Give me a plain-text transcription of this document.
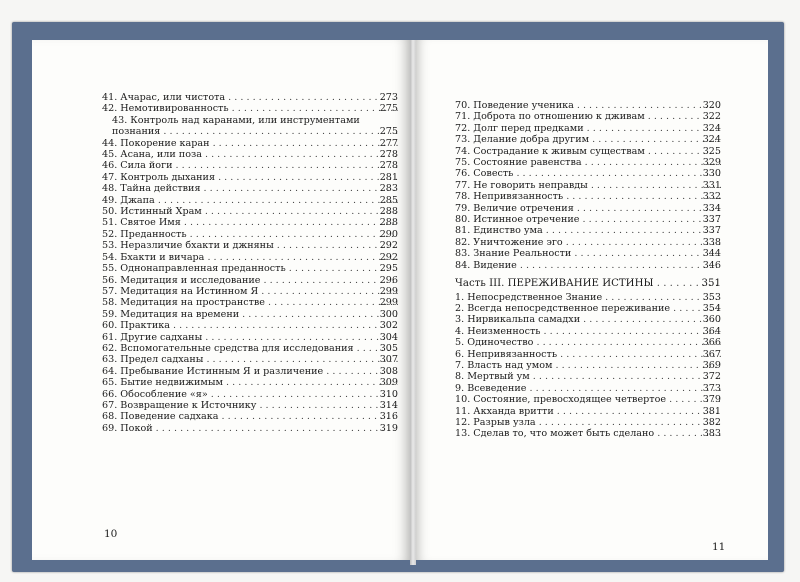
41. Ачарас, или чистота . . .	273
42. Немотивированность . . .	275
43. Контроль над каранами, или инструментами
познания . . .	275
44. Покорение каран . . .	277
45. Асана, или поза . . .	278
46. Сила йоги . . .	278
47. Контроль дыхания . . .	281
48. Тайна действия . . .	283
49. Джапа . . .	285
50. Истинный Храм . . .	288
51. Святое Имя . . .	288
52. Преданность . . .	290
53. Неразличие бхакти и джняны . . .	292
54. Бхакти и вичара . . .	292
55. Однонаправленная преданность . . .	295
56. Медитация и исследование . . .	296
57. Медитация на Истинном Я . . .	299
58. Медитация на пространстве . . .	299
59. Медитация на времени . . .	300
60. Практика . . .	302
61. Другие садханы . . .	304
62. Вспомогательные средства для исследования . . .	305
63. Предел садханы . . .	307
64. Пребывание Истинным Я и различение . . .	308
65. Бытие недвижимым . . .	309
66. Обособление «я» . . .	310
67. Возвращение к Источнику . . .	314
68. Поведение садхака . . .	316
69. Покой . . .	319
70. Поведение ученика . . .	320
71. Доброта по отношению к дживам . . .	322
72. Долг перед предками . . .	324
73. Делание добра другим . . .	324
74. Сострадание к живым существам . . .	325
75. Состояние равенства . . .	329
76. Совесть . . .	330
77. Не говорить неправды . . .	331
78. Непривязанность . . .	332
79. Величие отречения . . .	334
80. Истинное отречение . . .	337
81. Единство ума . . .	337
82. Уничтожение эго . . .	338
83. Знание Реальности . . .	344
84. Видение . . .	346
Часть III. ПЕРЕЖИВАНИЕ ИСТИНЫ . . .	351
1. Непосредственное Знание . . .	353
2. Всегда непосредственное переживание . . .	354
3. Нирвикальпа самадхи . . .	360
4. Неизменность . . .	364
5. Одиночество . . .	366
6. Непривязанность . . .	367
7. Власть над умом . . .	369
8. Мертвый ум . . .	372
9. Всеведение . . .	373
10. Состояние, превосходящее четвертое . . .	379
11. Акханда вритти . . .	381
12. Разрыв узла . . .	382
13. Сделав то, что может быть сделано . . .	383
10
11
